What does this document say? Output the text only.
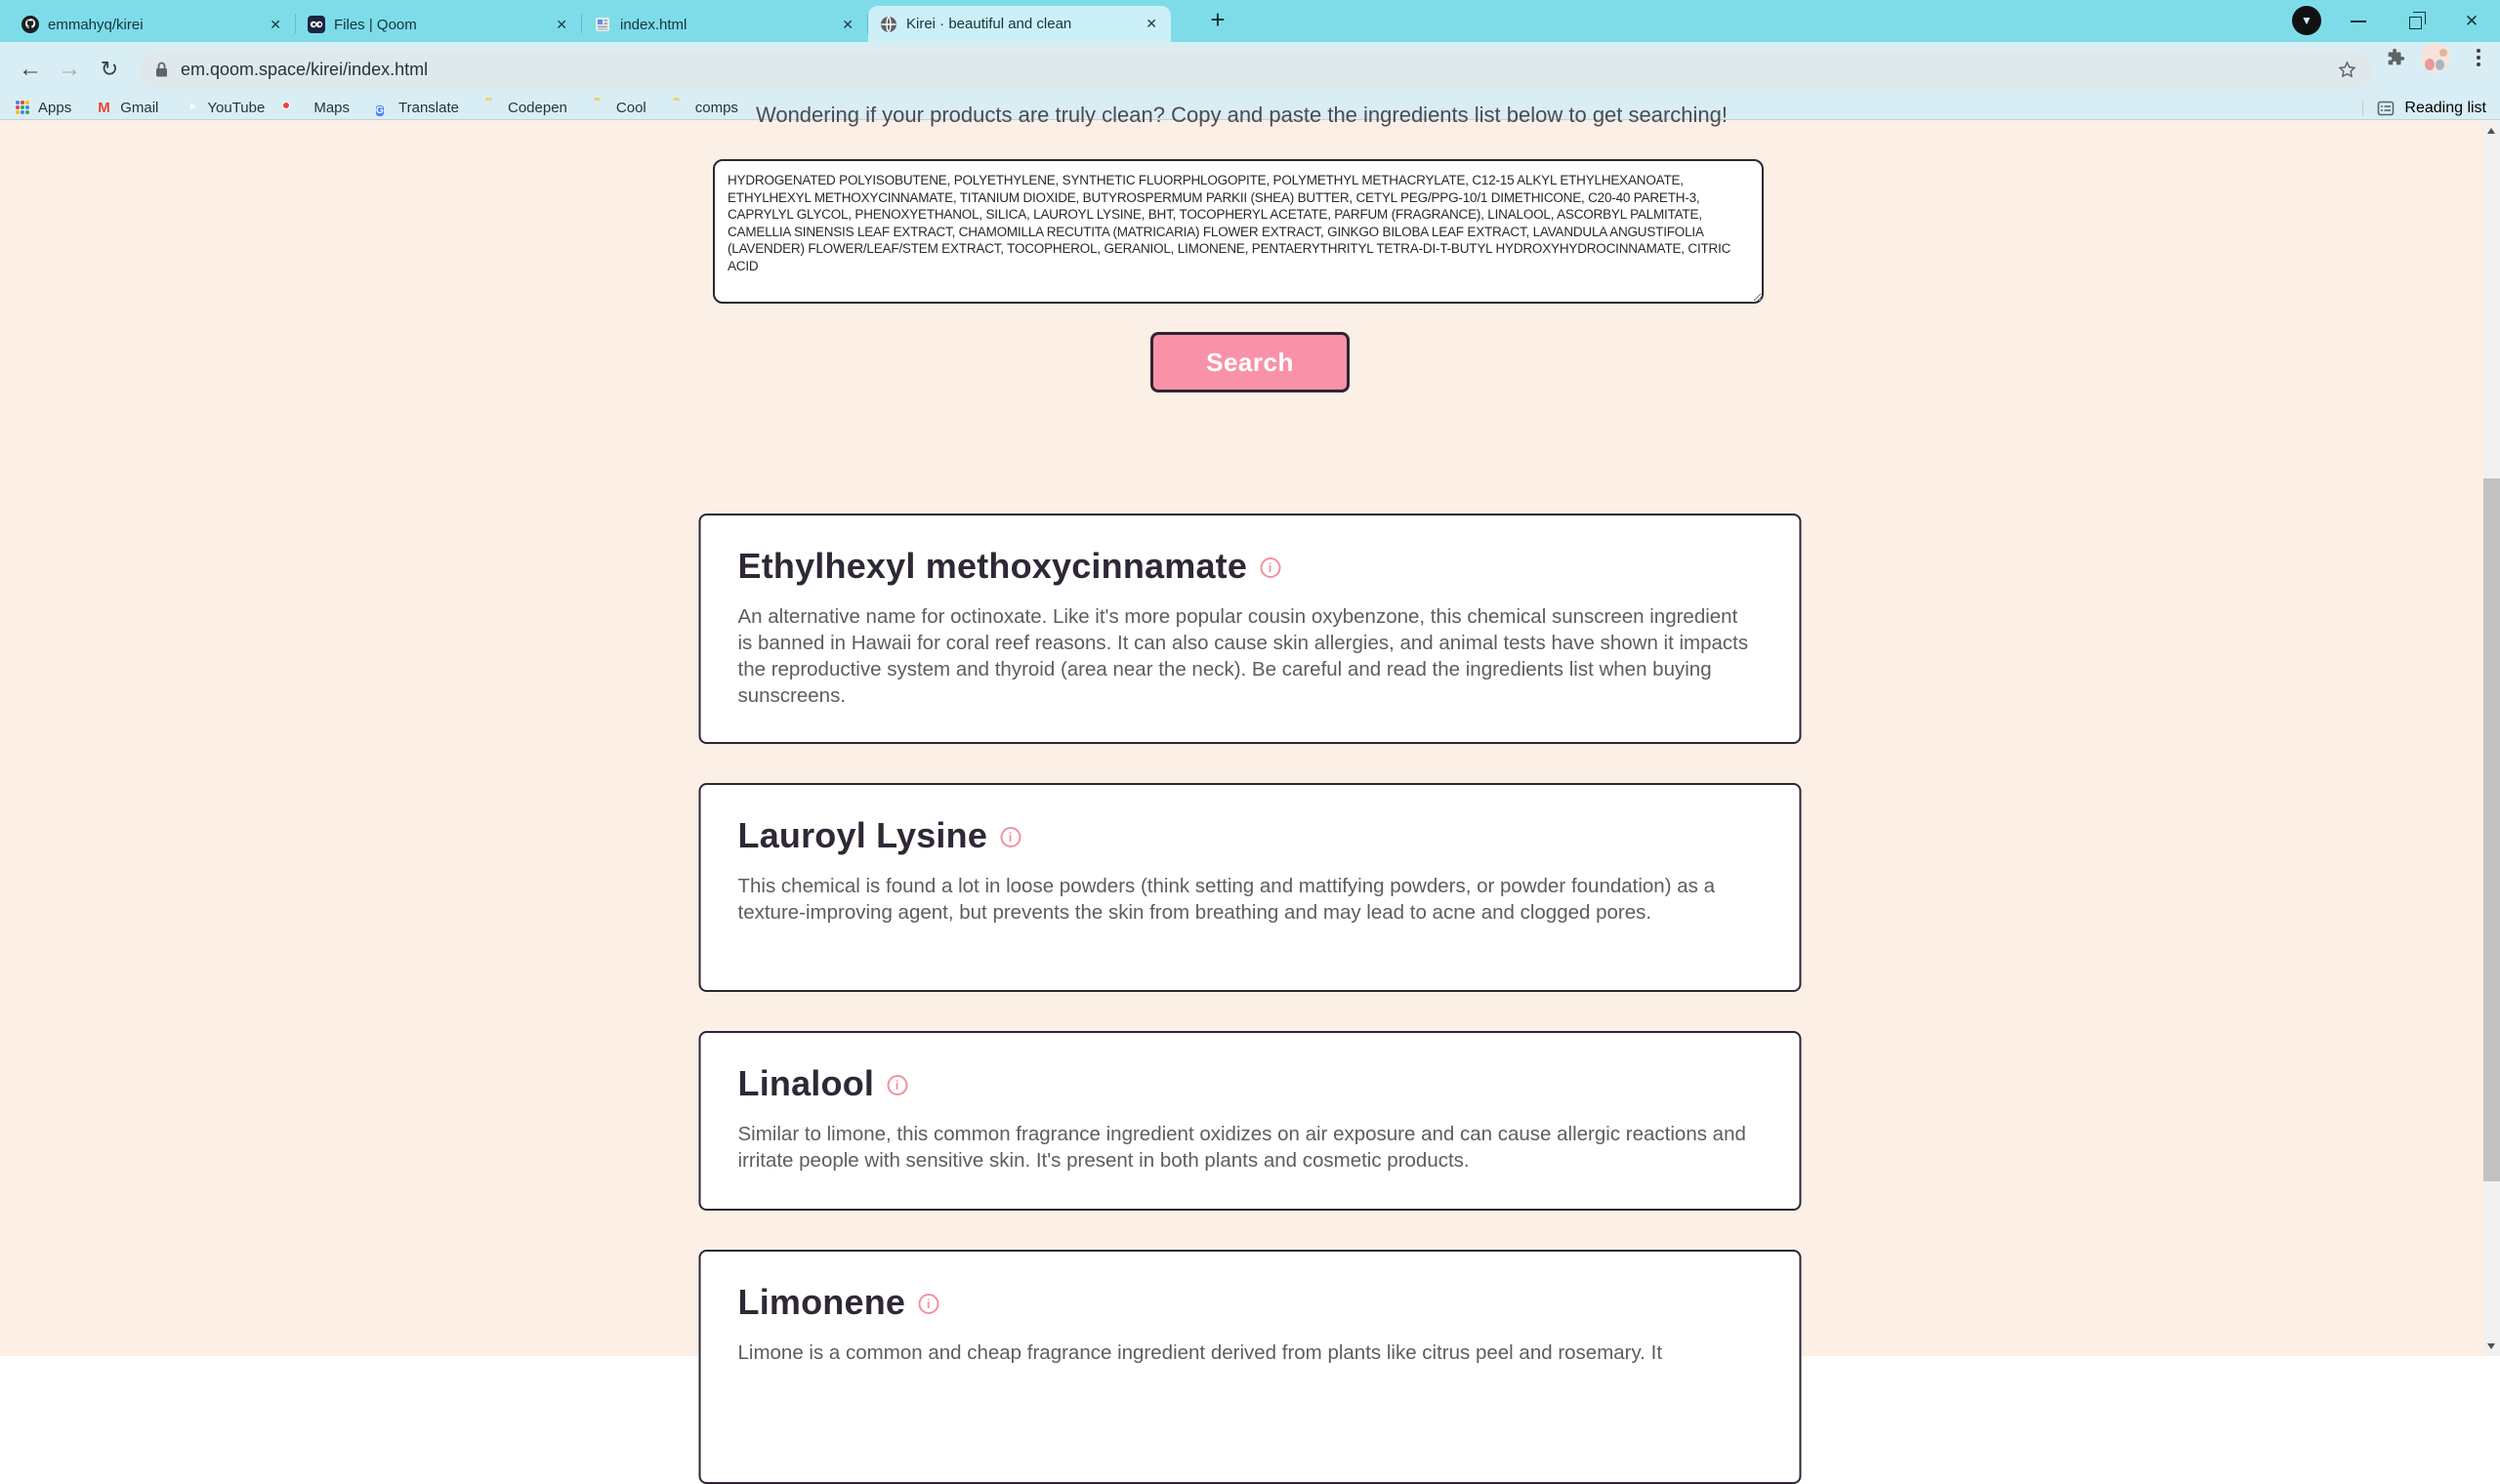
emmahyq/kirei	✕	Files | Qoom	✕	index.html	✕	Kirei · beautiful and clean	✕ +	▼	✕
← → ↻	em.qoom.space/kirei/index.html
Apps M Gmail	YouTube	Maps	G	Translate	Codepen	Cool	comps	Reading list
Wondering if your products are truly clean? Copy and paste the ingredients list below to get searching!
HYDROGENATED POLYISOBUTENE, POLYETHYLENE, SYNTHETIC FLUORPHLOGOPITE, POLYMETHYL METHACRYLATE, C12-15 ALKYL ETHYLHEXANOATE, ETHYLHEXYL METHOXYCINNAMATE, TITANIUM DIOXIDE, BUTYROSPERMUM PARKII (SHEA) BUTTER, CETYL PEG/PPG-10/1 DIMETHICONE, C20-40 PARETH-3, CAPRYLYL GLYCOL, PHENOXYETHANOL, SILICA, LAUROYL LYSINE, BHT, TOCOPHERYL ACETATE, PARFUM (FRAGRANCE), LINALOOL, ASCORBYL PALMITATE, CAMELLIA SINENSIS LEAF EXTRACT, CHAMOMILLA RECUTITA (MATRICARIA) FLOWER EXTRACT, GINKGO BILOBA LEAF EXTRACT, LAVANDULA ANGUSTIFOLIA (LAVENDER) FLOWER/LEAF/STEM EXTRACT, TOCOPHEROL, GERANIOL, LIMONENE, PENTAERYTHRITYL TETRA-DI-T-BUTYL HYDROXYHYDROCINNAMATE, CITRIC ACID
Search
Ethylhexyl methoxycinnamate i

An alternative name for octinoxate. Like it's more popular cousin oxybenzone, this chemical sunscreen ingredient is banned in Hawaii for coral reef reasons. It can also cause skin allergies, and animal tests have shown it impacts the reproductive system and thyroid (area near the neck). Be careful and read the ingredients list when buying sunscreens.

Lauroyl Lysine i

This chemical is found a lot in loose powders (think setting and mattifying powders, or powder foundation) as a texture-improving agent, but prevents the skin from breathing and may lead to acne and clogged pores.

Linalool i

Similar to limone, this common fragrance ingredient oxidizes on air exposure and can cause allergic reactions and irritate people with sensitive skin. It's present in both plants and cosmetic products.

Limonene i

Limone is a common and cheap fragrance ingredient derived from plants like citrus peel and rosemary. It
